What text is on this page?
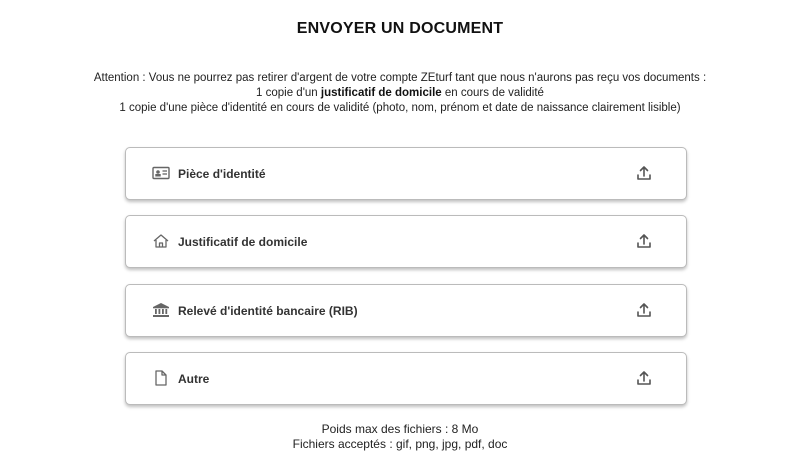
ENVOYER UN DOCUMENT
Attention : Vous ne pourrez pas retirer d'argent de votre compte ZEturf tant que nous n'aurons pas reçu vos documents :
1 copie d'un justificatif de domicile en cours de validité
1 copie d'une pièce d'identité en cours de validité (photo, nom, prénom et date de naissance clairement lisible)
Pièce d'identité
Justificatif de domicile
Relevé d'identité bancaire (RIB)
Autre
Poids max des fichiers : 8 Mo
Fichiers acceptés : gif, png, jpg, pdf, doc
